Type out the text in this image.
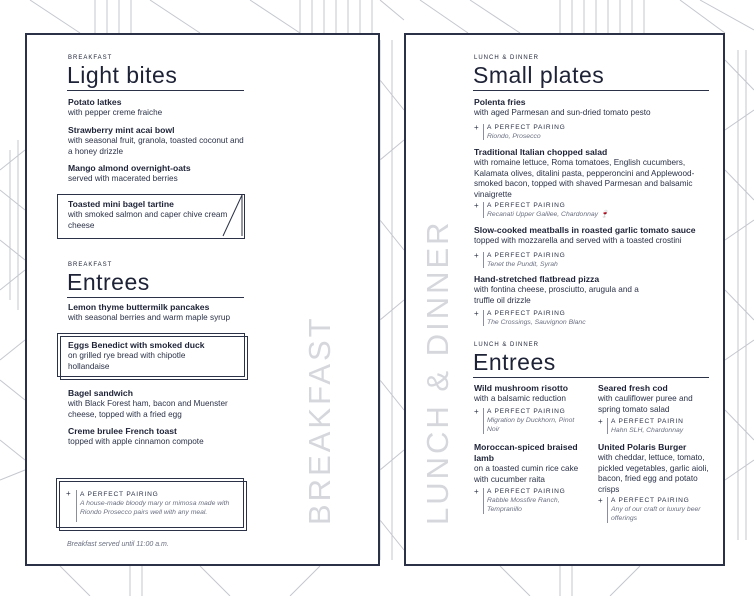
BREAKFAST
Light bites
Potato latkes
with pepper creme fraiche
Strawberry mint acai bowl
with seasonal fruit, granola, toasted coconut and a honey drizzle
Mango almond overnight-oats
served with macerated berries
Toasted mini bagel tartine
with smoked salmon and caper chive cream cheese
BREAKFAST
Entrees
Lemon thyme buttermilk pancakes
with seasonal berries and warm maple syrup
Eggs Benedict with smoked duck
on grilled rye bread with chipotle hollandaise
Bagel sandwich
with Black Forest ham, bacon and Muenster cheese, topped with a fried egg
Creme brulee French toast
topped with apple cinnamon compote
+ A PERFECT PAIRING
A house-made bloody mary or mimosa made with Riondo Prosecco pairs well with any meal.
Breakfast served until 11:00 a.m.
BREAKFAST	LUNCH & DINNER
LUNCH & DINNER
Small plates
Polenta fries
with aged Parmesan and sun-dried tomato pesto
+ A PERFECT PAIRING
Riondo, Prosecco
Traditional Italian chopped salad
with romaine lettuce, Roma tomatoes, English cucumbers, Kalamata olives, ditalini pasta, pepperoncini and Applewood-smoked bacon, topped with shaved Parmesan and balsamic vinaigrette
+ A PERFECT PAIRING
Recanati Upper Galilee, Chardonnay 🍷
Slow-cooked meatballs in roasted garlic tomato sauce
topped with mozzarella and served with a toasted crostini
+ A PERFECT PAIRING
Tenet the Pundit, Syrah
Hand-stretched flatbread pizza
with fontina cheese, prosciutto, arugula and a truffle oil drizzle
+ A PERFECT PAIRING
The Crossings, Sauvignon Blanc
LUNCH & DINNER
Entrees
Wild mushroom risotto
with a balsamic reduction
+ A PERFECT PAIRING
Migration by Duckhorn, Pinot Noir
Moroccan-spiced braised lamb
on a toasted cumin rice cake with cucumber raita
+ A PERFECT PAIRING
Rabble Mossfire Ranch, Tempranillo
Seared fresh cod
with cauliflower puree and spring tomato salad
+ A PERFECT PAIRIN
Hahn SLH, Chardonnay
United Polaris Burger
with cheddar, lettuce, tomato, pickled vegetables, garlic aioli, bacon, fried egg and potato crisps
+ A PERFECT PAIRING
Any of our craft or luxury beer offerings
